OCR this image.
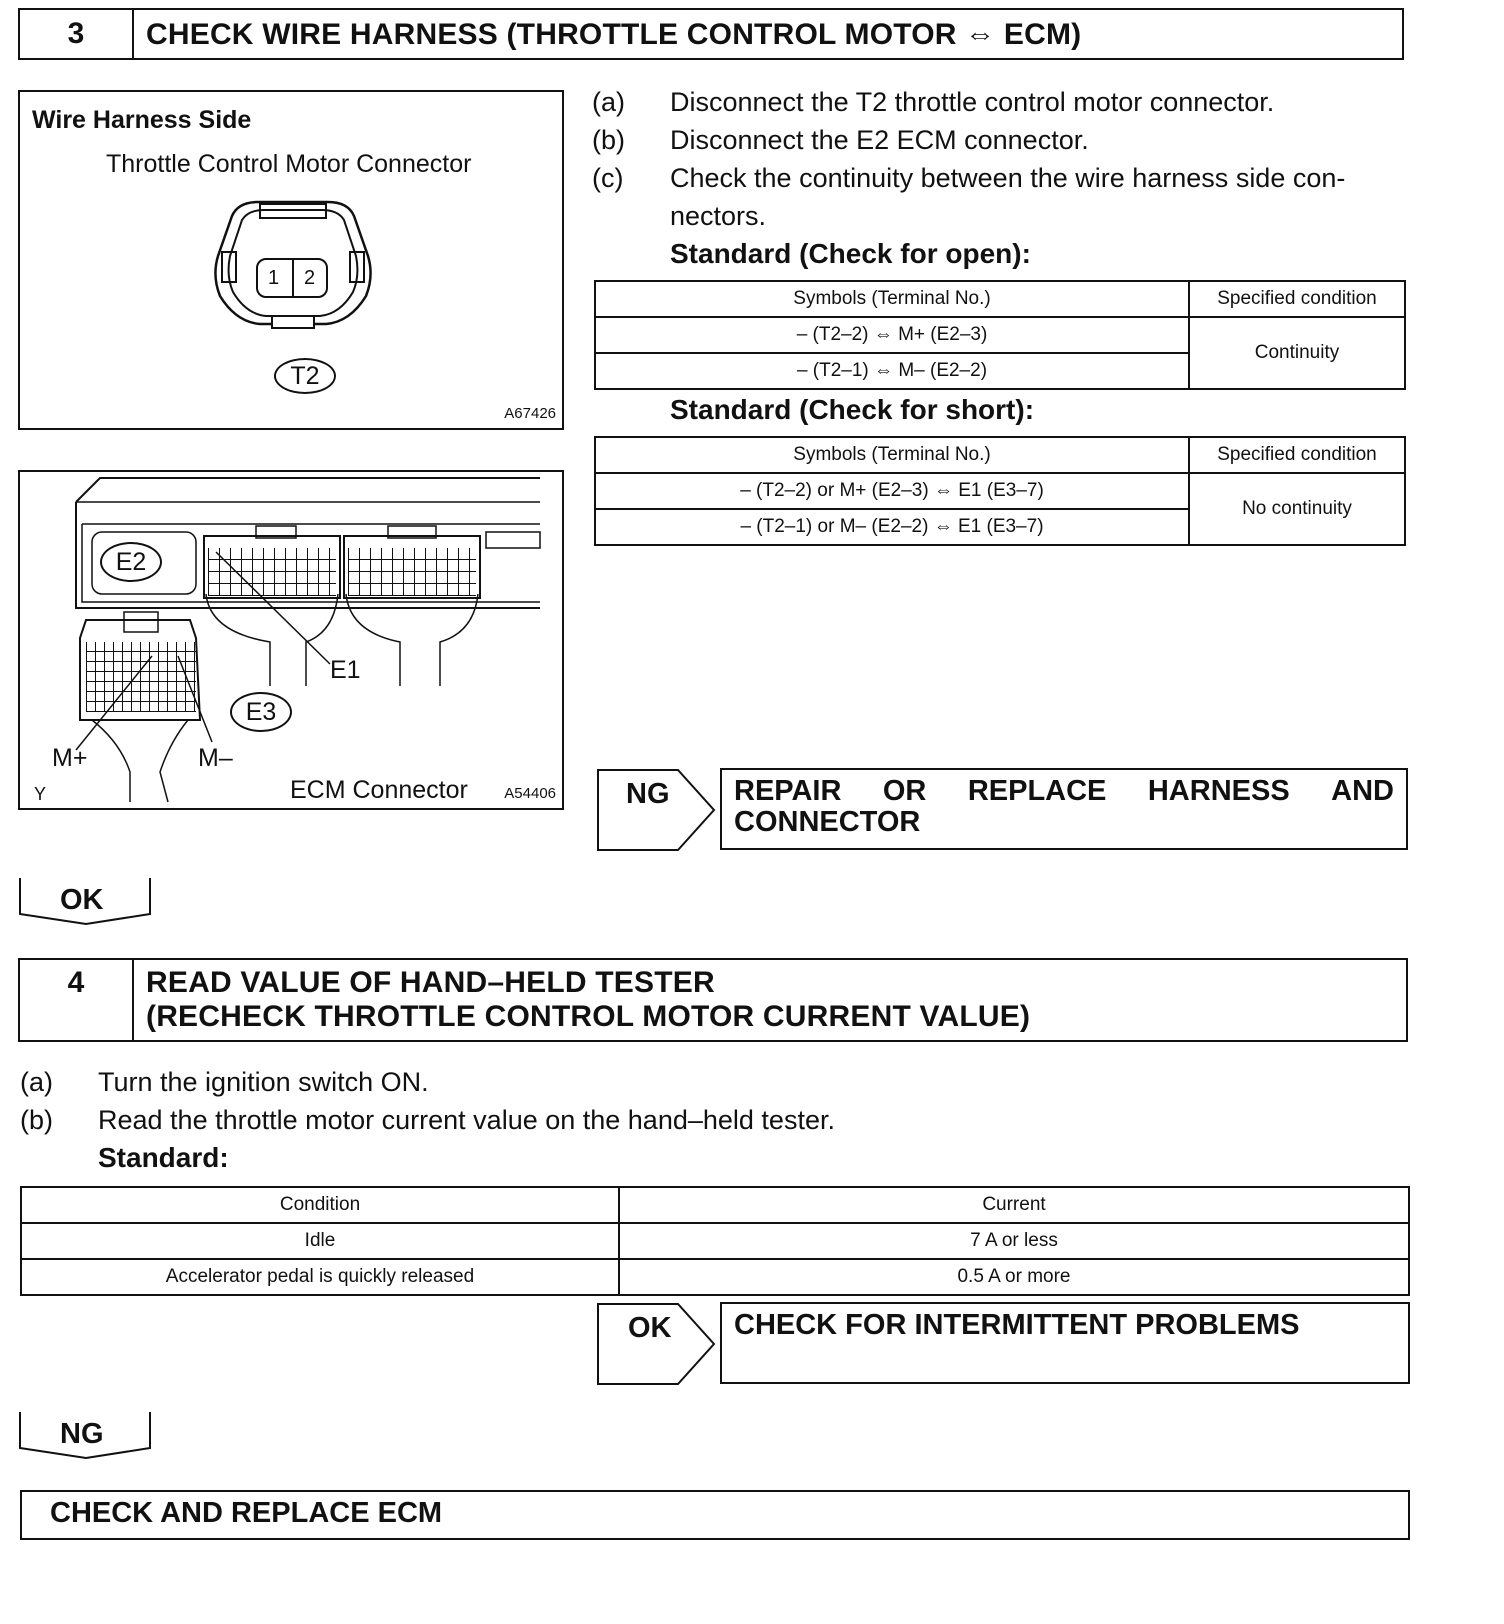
3	CHECK WIRE HARNESS (THROTTLE CONTROL MOTOR ⇔ ECM)
Wire Harness Side
Throttle Control Motor Connector
1 2
T2
A67426
E2
E1
E3
M+	M–
Y	ECM Connector A54406
(a) Disconnect the T2 throttle control motor connector.
(b) Disconnect the E2 ECM connector.
(c) Check the continuity between the wire harness side con-
nectors.
Standard (Check for open):
Symbols (Terminal No.)	Specified condition
– (T2–2) ⇔ M+ (E2–3)	Continuity
– (T2–1) ⇔ M– (E2–2)	
Standard (Check for short):
Symbols (Terminal No.)	Specified condition
– (T2–2) or M+ (E2–3) ⇔ E1 (E3–7)	No continuity
– (T2–1) or M– (E2–2) ⇔ E1 (E3–7)	
NG REPAIR OR REPLACE HARNESS AND
CONNECTOR
OK
4	READ VALUE OF HAND–HELD TESTER
(RECHECK THROTTLE CONTROL MOTOR CURRENT VALUE)
(a) Turn the ignition switch ON.
(b) Read the throttle motor current value on the hand–held tester.
Standard:
Condition	Current
Idle	7 A or less
Accelerator pedal is quickly released	0.5 A or more
OK CHECK FOR INTERMITTENT PROBLEMS
NG
CHECK AND REPLACE ECM
